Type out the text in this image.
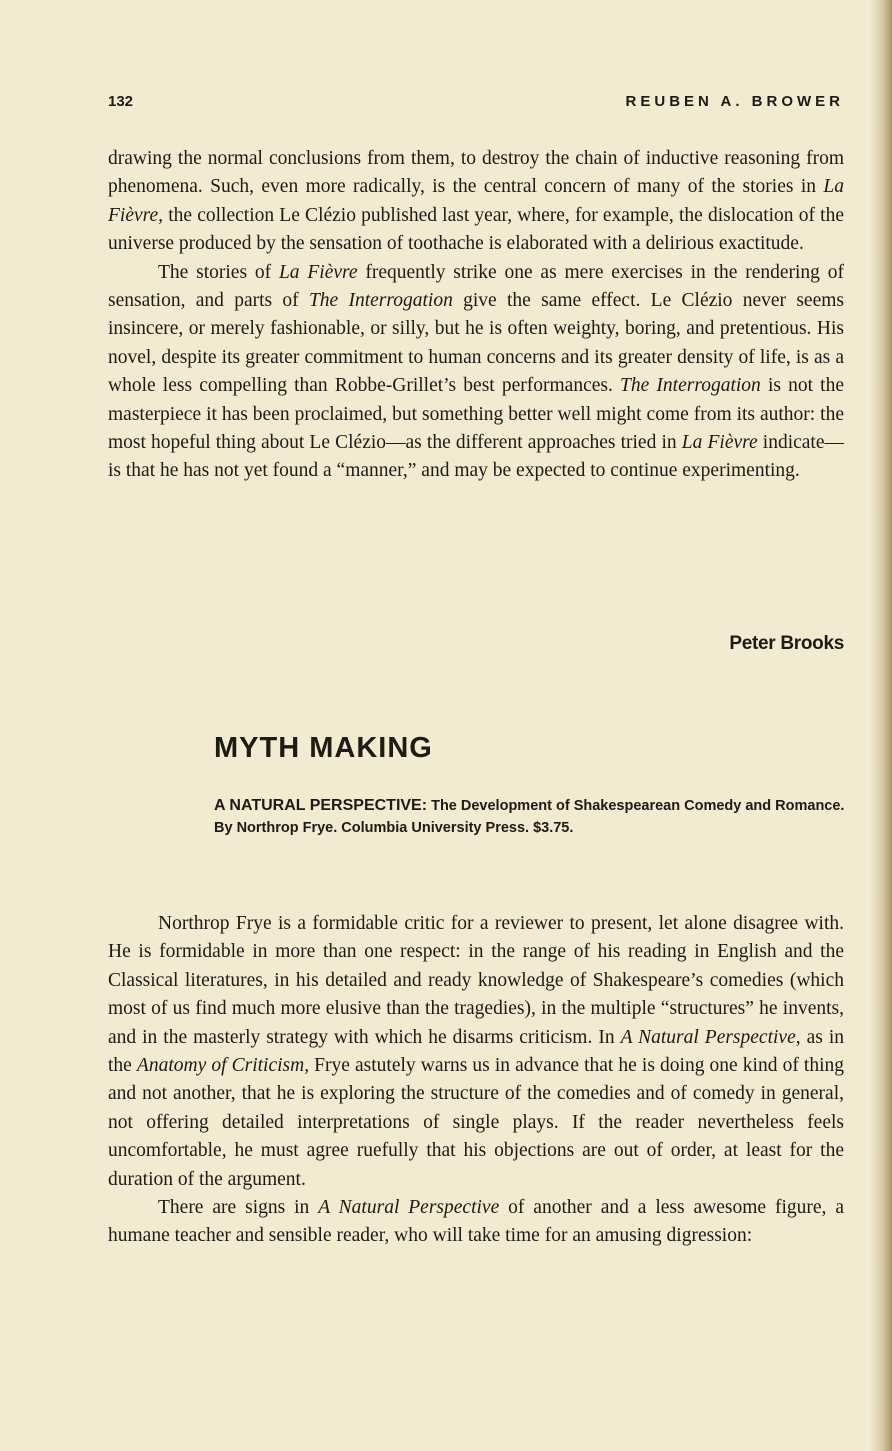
132	REUBEN A. BROWER

drawing the normal conclusions from them, to destroy the chain of inductive reasoning from phenomena. Such, even more radically, is the central concern of many of the stories in La Fièvre, the collection Le Clézio published last year, where, for example, the dislocation of the universe produced by the sensation of toothache is elaborated with a delirious exactitude.

The stories of La Fièvre frequently strike one as mere exercises in the rendering of sensation, and parts of The Interrogation give the same effect. Le Clézio never seems insincere, or merely fashionable, or silly, but he is often weighty, boring, and pretentious. His novel, despite its greater commitment to human concerns and its greater density of life, is as a whole less compelling than Robbe-Grillet’s best performances. The Interrogation is not the masterpiece it has been proclaimed, but something better well might come from its author: the most hopeful thing about Le Clézio—as the different approaches tried in La Fièvre indicate—is that he has not yet found a “manner,” and may be expected to continue experimenting.

Peter Brooks
MYTH MAKING
A NATURAL PERSPECTIVE: The Development of Shakespearean Comedy and Romance. By Northrop Frye. Columbia University Press. $3.75.

Northrop Frye is a formidable critic for a reviewer to present, let alone disagree with. He is formidable in more than one respect: in the range of his reading in English and the Classical literatures, in his detailed and ready knowledge of Shakespeare’s comedies (which most of us find much more elusive than the tragedies), in the multiple “structures” he invents, and in the masterly strategy with which he disarms criticism. In A Natural Perspective, as in the Anatomy of Criticism, Frye astutely warns us in advance that he is doing one kind of thing and not another, that he is exploring the structure of the comedies and of comedy in general, not offering detailed interpretations of single plays. If the reader nevertheless feels uncomfortable, he must agree ruefully that his objections are out of order, at least for the duration of the argument.

There are signs in A Natural Perspective of another and a less awesome figure, a humane teacher and sensible reader, who will take time for an amusing digression:
